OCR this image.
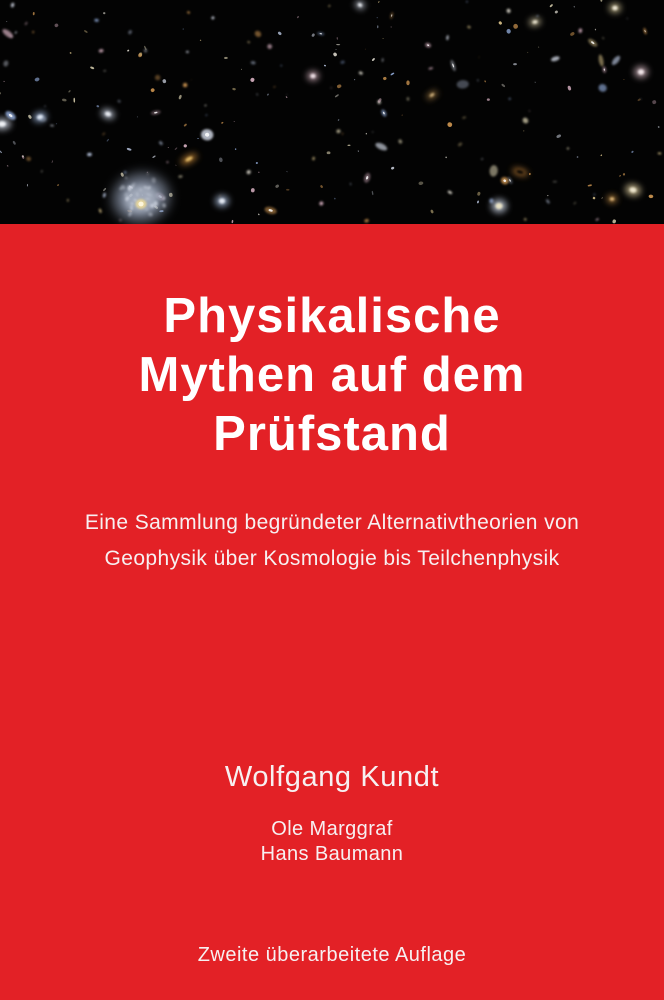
Physikalische
Mythen auf dem
Prüfstand
Eine Sammlung begründeter Alternativtheorien von
Geophysik über Kosmologie bis Teilchenphysik
Wolfgang Kundt
Ole Marggraf
Hans Baumann
Zweite überarbeitete Auflage
